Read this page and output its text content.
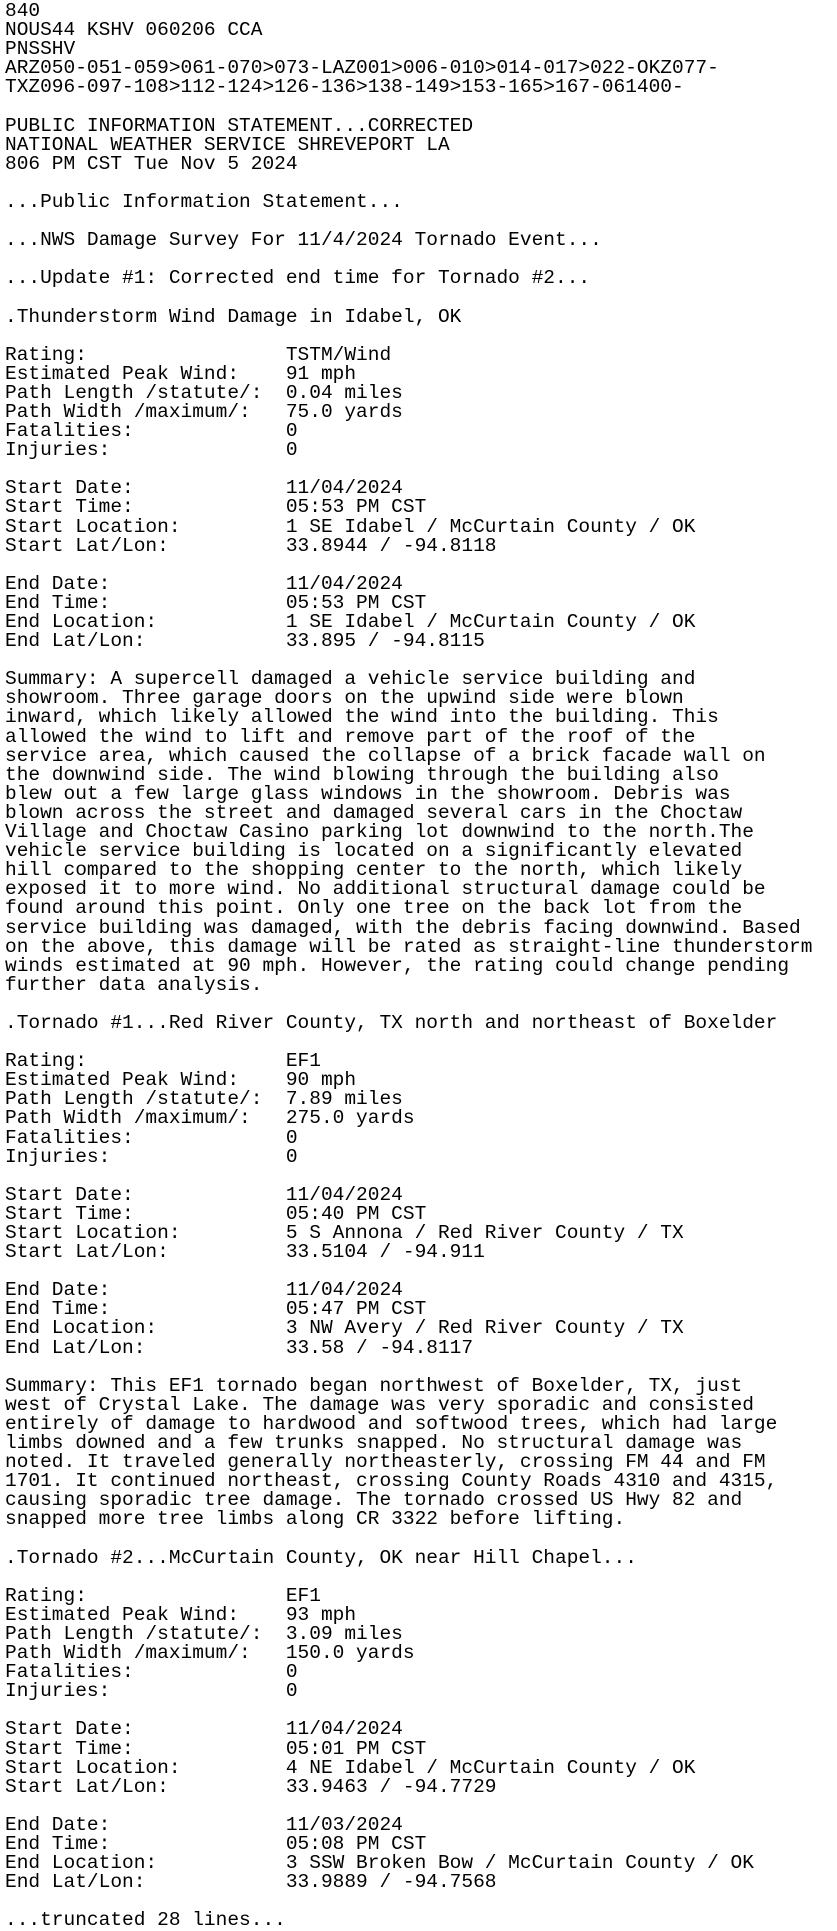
840
NOUS44 KSHV 060206 CCA
PNSSHV
ARZ050-051-059>061-070>073-LAZ001>006-010>014-017>022-OKZ077-
TXZ096-097-108>112-124>126-136>138-149>153-165>167-061400-
PUBLIC INFORMATION STATEMENT...CORRECTED
NATIONAL WEATHER SERVICE SHREVEPORT LA
806 PM CST Tue Nov 5 2024
...Public Information Statement...
...NWS Damage Survey For 11/4/2024 Tornado Event...
...Update #1: Corrected end time for Tornado #2...
.Thunderstorm Wind Damage in Idabel, OK
Rating:                 TSTM/Wind
Estimated Peak Wind:    91 mph
Path Length /statute/:  0.04 miles
Path Width /maximum/:   75.0 yards
Fatalities:             0
Injuries:               0
Start Date:             11/04/2024
Start Time:             05:53 PM CST
Start Location:         1 SE Idabel / McCurtain County / OK
Start Lat/Lon:          33.8944 / -94.8118
End Date:               11/04/2024
End Time:               05:53 PM CST
End Location:           1 SE Idabel / McCurtain County / OK
End Lat/Lon:            33.895 / -94.8115
Summary: A supercell damaged a vehicle service building and
showroom. Three garage doors on the upwind side were blown
inward, which likely allowed the wind into the building. This
allowed the wind to lift and remove part of the roof of the
service area, which caused the collapse of a brick facade wall on
the downwind side. The wind blowing through the building also
blew out a few large glass windows in the showroom. Debris was
blown across the street and damaged several cars in the Choctaw
Village and Choctaw Casino parking lot downwind to the north.The
vehicle service building is located on a significantly elevated
hill compared to the shopping center to the north, which likely
exposed it to more wind. No additional structural damage could be
found around this point. Only one tree on the back lot from the
service building was damaged, with the debris facing downwind. Based
on the above, this damage will be rated as straight-line thunderstorm
winds estimated at 90 mph. However, the rating could change pending
further data analysis.
.Tornado #1...Red River County, TX north and northeast of Boxelder
Rating:                 EF1
Estimated Peak Wind:    90 mph
Path Length /statute/:  7.89 miles
Path Width /maximum/:   275.0 yards
Fatalities:             0
Injuries:               0
Start Date:             11/04/2024
Start Time:             05:40 PM CST
Start Location:         5 S Annona / Red River County / TX
Start Lat/Lon:          33.5104 / -94.911
End Date:               11/04/2024
End Time:               05:47 PM CST
End Location:           3 NW Avery / Red River County / TX
End Lat/Lon:            33.58 / -94.8117
Summary: This EF1 tornado began northwest of Boxelder, TX, just
west of Crystal Lake. The damage was very sporadic and consisted
entirely of damage to hardwood and softwood trees, which had large
limbs downed and a few trunks snapped. No structural damage was
noted. It traveled generally northeasterly, crossing FM 44 and FM
1701. It continued northeast, crossing County Roads 4310 and 4315,
causing sporadic tree damage. The tornado crossed US Hwy 82 and
snapped more tree limbs along CR 3322 before lifting.
.Tornado #2...McCurtain County, OK near Hill Chapel...
Rating:                 EF1
Estimated Peak Wind:    93 mph
Path Length /statute/:  3.09 miles
Path Width /maximum/:   150.0 yards
Fatalities:             0
Injuries:               0
Start Date:             11/04/2024
Start Time:             05:01 PM CST
Start Location:         4 NE Idabel / McCurtain County / OK
Start Lat/Lon:          33.9463 / -94.7729
End Date:               11/03/2024
End Time:               05:08 PM CST
End Location:           3 SSW Broken Bow / McCurtain County / OK
End Lat/Lon:            33.9889 / -94.7568
...truncated 28 lines...
